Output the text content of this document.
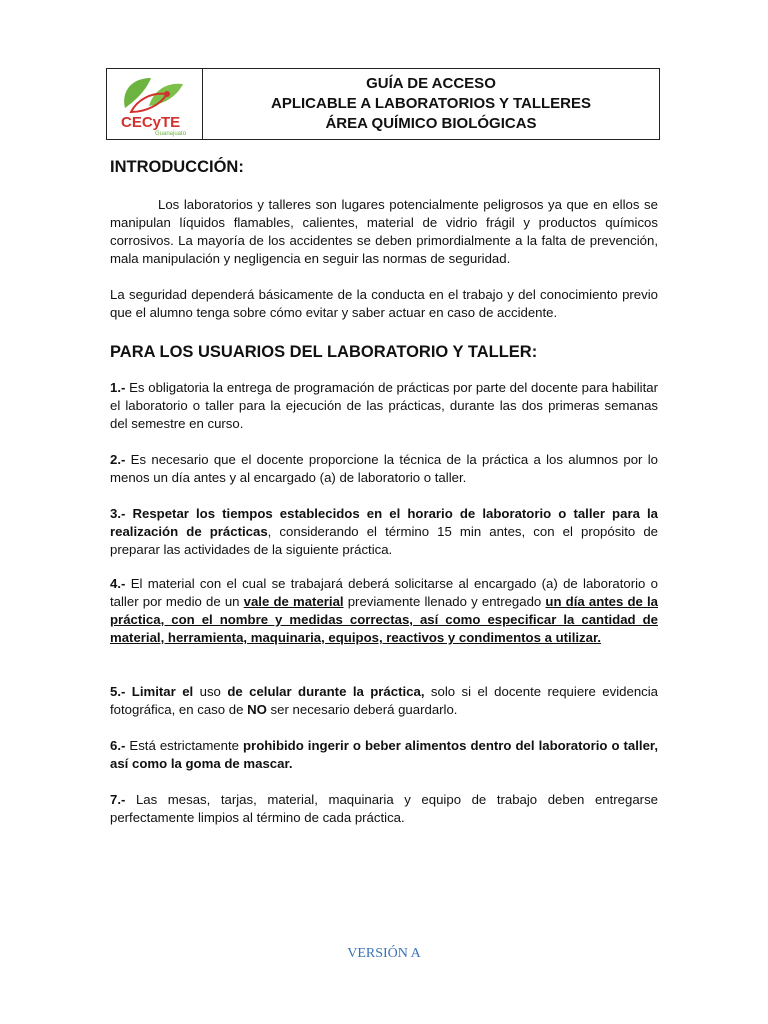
CECyTE
Guanajuato
GUÍA DE ACCESO
APLICABLE A LABORATORIOS Y TALLERES
ÁREA QUÍMICO BIOLÓGICAS

INTRODUCCIÓN:

Los laboratorios y talleres son lugares potencialmente peligrosos ya que en ellos se manipulan líquidos flamables, calientes, material de vidrio frágil y productos químicos corrosivos. La mayoría de los accidentes se deben primordialmente a la falta de prevención, mala manipulación y negligencia en seguir las normas de seguridad.

La seguridad dependerá básicamente de la conducta en el trabajo y del conocimiento previo que el alumno tenga sobre cómo evitar y saber actuar en caso de accidente.

PARA LOS USUARIOS DEL LABORATORIO Y TALLER:

1.- Es obligatoria la entrega de programación de prácticas por parte del docente para habilitar el laboratorio o taller para la ejecución de las prácticas, durante las dos primeras semanas del semestre en curso.

2.- Es necesario que el docente proporcione la técnica de la práctica a los alumnos por lo menos un día antes y al encargado (a) de laboratorio o taller.

3.- Respetar los tiempos establecidos en el horario de laboratorio o taller para la realización de prácticas, considerando el término 15 min antes, con el propósito de preparar las actividades de la siguiente práctica.

4.- El material con el cual se trabajará deberá solicitarse al encargado (a) de laboratorio o taller por medio de un vale de material previamente llenado y entregado un día antes de la práctica, con el nombre y medidas correctas, así como especificar la cantidad de material, herramienta, maquinaria, equipos, reactivos y condimentos a utilizar.

5.- Limitar el uso de celular durante la práctica, solo si el docente requiere evidencia fotográfica, en caso de NO ser necesario deberá guardarlo.

6.- Está estrictamente prohibido ingerir o beber alimentos dentro del laboratorio o taller, así como la goma de mascar.

7.- Las mesas, tarjas, material, maquinaria y equipo de trabajo deben entregarse perfectamente limpios al término de cada práctica.

VERSIÓN A
